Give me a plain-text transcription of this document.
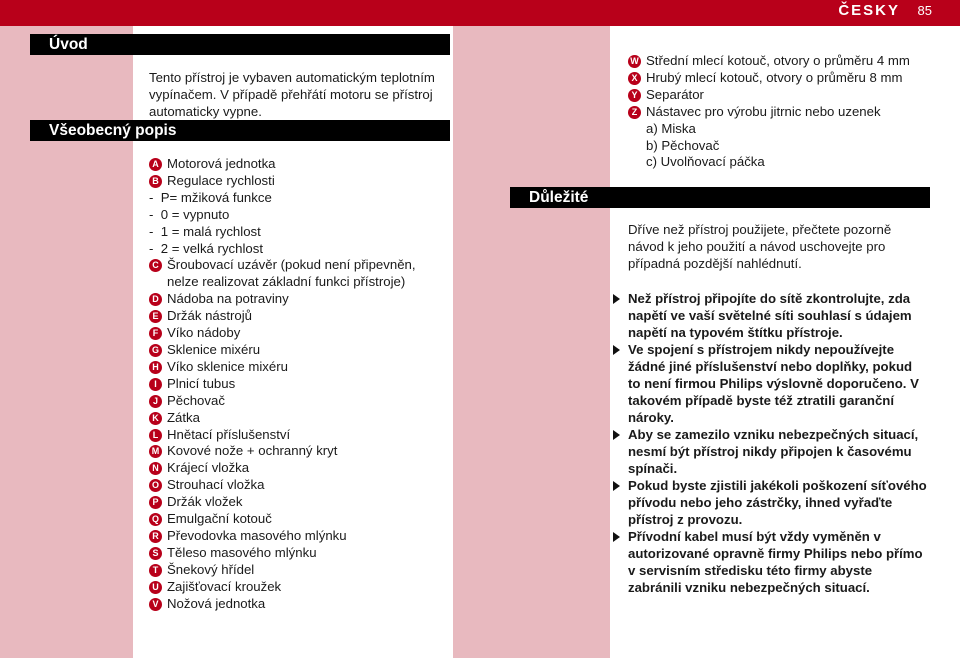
ČESKY 85
Úvod

Tento přístroj je vybaven automatickým teplotním vypínačem. V případě přehřátí motoru se přístroj automaticky vypne.

Všeobecný popis
A Motorová jednotka
B Regulace rychlosti
- P= mžiková funkce
- 0 = vypnuto
- 1 = malá rychlost
- 2 = velká rychlost
C Šroubovací uzávěr (pokud není připevněn, nelze realizovat základní funkci přístroje)
D Nádoba na potraviny
E Držák nástrojů
F Víko nádoby
G Sklenice mixéru
H Víko sklenice mixéru
I Plnicí tubus
J Pěchovač
K Zátka
L Hnětací příslušenství
M Kovové nože + ochranný kryt
N Krájecí vložka
O Strouhací vložka
P Držák vložek
Q Emulgační kotouč
R Převodovka masového mlýnku
S Těleso masového mlýnku
T Šnekový hřídel
U Zajišťovací kroužek
V Nožová jednotka
W Střední mlecí kotouč, otvory o průměru 4 mm
X Hrubý mlecí kotouč, otvory o průměru 8 mm
Y Separátor
Z Nástavec pro výrobu jitrnic nebo uzenek
a) Miska
b) Pěchovač
c) Uvolňovací páčka
Důležité

Dříve než přístroj použijete, přečtete pozorně návod k jeho použití a návod uschovejte pro případná pozdější nahlédnutí.

Než přístroj připojíte do sítě zkontrolujte, zda napětí ve vaší světelné síti souhlasí s údajem napětí na typovém štítku přístroje.
Ve spojení s přístrojem nikdy nepoužívejte žádné jiné příslušenství nebo doplňky, pokud to není firmou Philips výslovně doporučeno. V takovém případě byste též ztratili garanční nároky.
Aby se zamezilo vzniku nebezpečných situací, nesmí být přístroj nikdy připojen k časovému spínači.
Pokud byste zjistili jakékoli poškození síťového přívodu nebo jeho zástrčky, ihned vyřaďte přístroj z provozu.
Přívodní kabel musí být vždy vyměněn v autorizované opravně firmy Philips nebo přímo v servisním středisku této firmy abyste zabránili vzniku nebezpečných situací.
